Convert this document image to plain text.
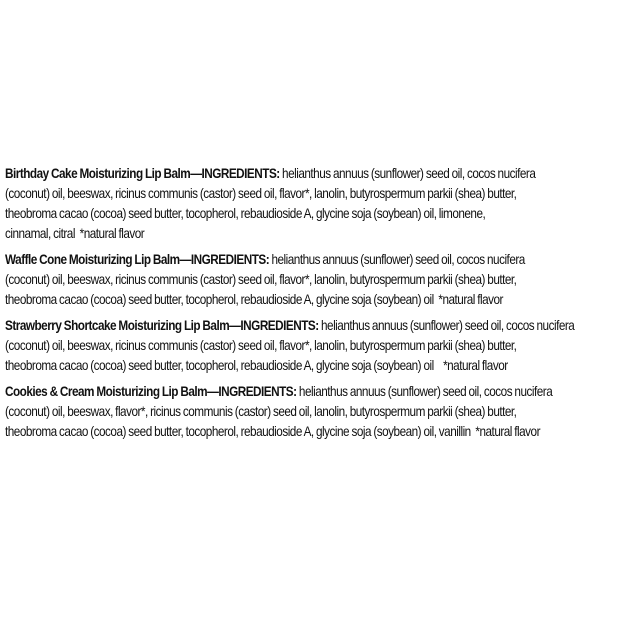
Birthday Cake Moisturizing Lip Balm—INGREDIENTS: helianthus annuus (sunflower) seed oil, cocos nucifera
(coconut) oil, beeswax, ricinus communis (castor) seed oil, flavor*, lanolin, butyrospermum parkii (shea) butter,
theobroma cacao (cocoa) seed butter, tocopherol, rebaudioside A, glycine soja (soybean) oil, limonene,
cinnamal, citral  *natural flavor
Waffle Cone Moisturizing Lip Balm—INGREDIENTS: helianthus annuus (sunflower) seed oil, cocos nucifera
(coconut) oil, beeswax, ricinus communis (castor) seed oil, flavor*, lanolin, butyrospermum parkii (shea) butter,
theobroma cacao (cocoa) seed butter, tocopherol, rebaudioside A, glycine soja (soybean) oil  *natural flavor
Strawberry Shortcake Moisturizing Lip Balm—INGREDIENTS: helianthus annuus (sunflower) seed oil, cocos nucifera
(coconut) oil, beeswax, ricinus communis (castor) seed oil, flavor*, lanolin, butyrospermum parkii (shea) butter,
theobroma cacao (cocoa) seed butter, tocopherol, rebaudioside A, glycine soja (soybean) oil    *natural flavor
Cookies & Cream Moisturizing Lip Balm—INGREDIENTS: helianthus annuus (sunflower) seed oil, cocos nucifera
(coconut) oil, beeswax, flavor*, ricinus communis (castor) seed oil, lanolin, butyrospermum parkii (shea) butter,
theobroma cacao (cocoa) seed butter, tocopherol, rebaudioside A, glycine soja (soybean) oil, vanillin  *natural flavor
